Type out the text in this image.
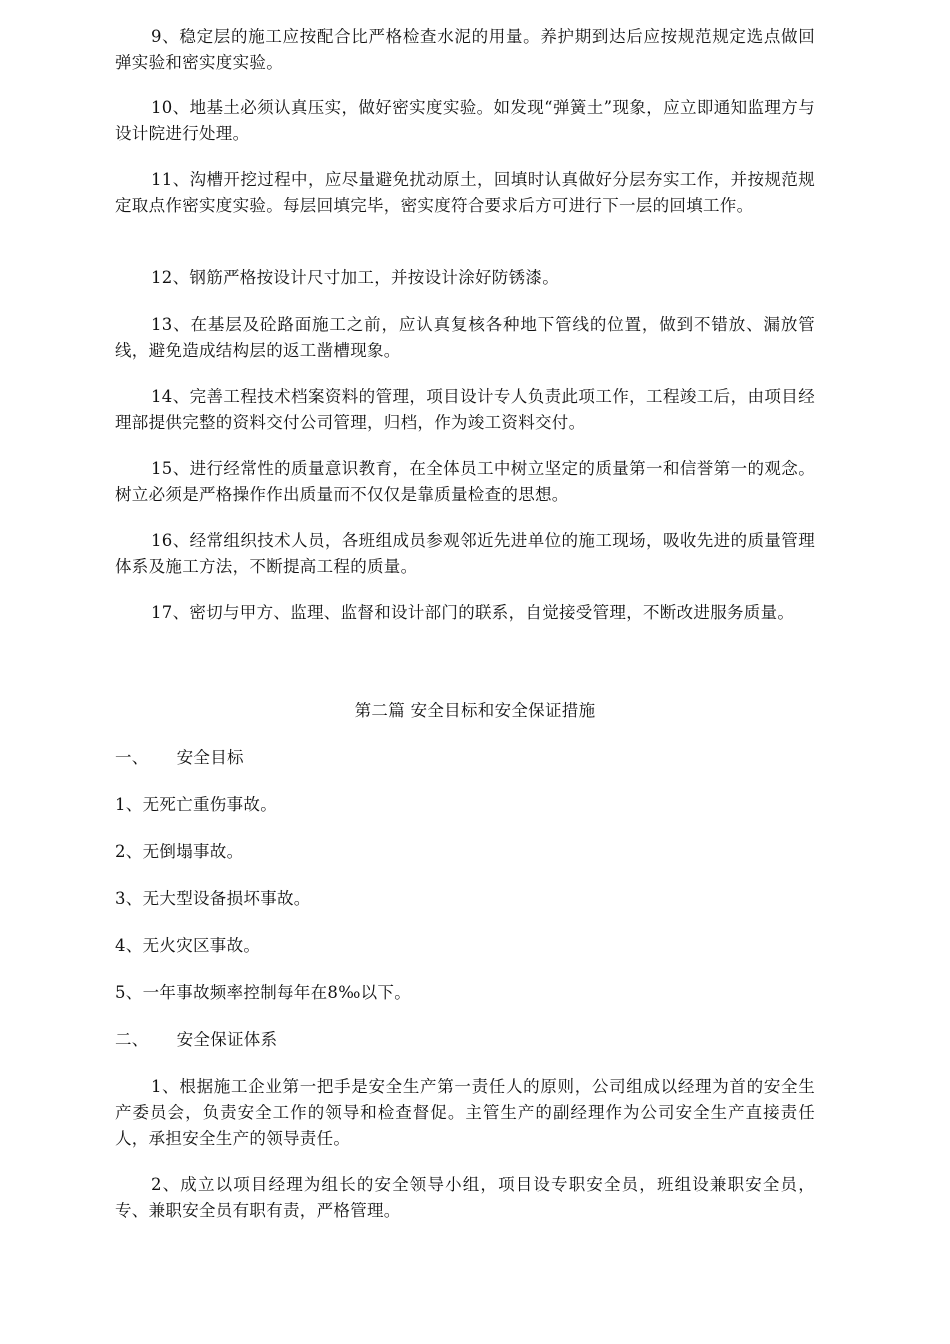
9、稳定层的施工应按配合比严格检查水泥的用量。养护期到达后应按规范规定选点做回弹实验和密实度实验。

10、地基土必须认真压实，做好密实度实验。如发现“弹簧土”现象，应立即通知监理方与设计院进行处理。

11、沟槽开挖过程中，应尽量避免扰动原土，回填时认真做好分层夯实工作，并按规范规定取点作密实度实验。每层回填完毕，密实度符合要求后方可进行下一层的回填工作。

12、钢筋严格按设计尺寸加工，并按设计涂好防锈漆。

13、在基层及砼路面施工之前，应认真复核各种地下管线的位置，做到不错放、漏放管线，避免造成结构层的返工凿槽现象。

14、完善工程技术档案资料的管理，项目设计专人负责此项工作，工程竣工后，由项目经理部提供完整的资料交付公司管理，归档，作为竣工资料交付。

15、进行经常性的质量意识教育，在全体员工中树立坚定的质量第一和信誉第一的观念。树立必须是严格操作作出质量而不仅仅是靠质量检查的思想。

16、经常组织技术人员，各班组成员参观邻近先进单位的施工现场，吸收先进的质量管理体系及施工方法，不断提高工程的质量。

17、密切与甲方、监理、监督和设计部门的联系，自觉接受管理，不断改进服务质量。

第二篇 安全目标和安全保证措施

一、 安全目标

1、无死亡重伤事故。

2、无倒塌事故。

3、无大型设备损坏事故。

4、无火灾区事故。

5、一年事故频率控制每年在8‰以下。

二、 安全保证体系

1、根据施工企业第一把手是安全生产第一责任人的原则，公司组成以经理为首的安全生产委员会，负责安全工作的领导和检查督促。主管生产的副经理作为公司安全生产直接责任人，承担安全生产的领导责任。

2、成立以项目经理为组长的安全领导小组，项目设专职安全员，班组设兼职安全员，专、兼职安全员有职有责，严格管理。
